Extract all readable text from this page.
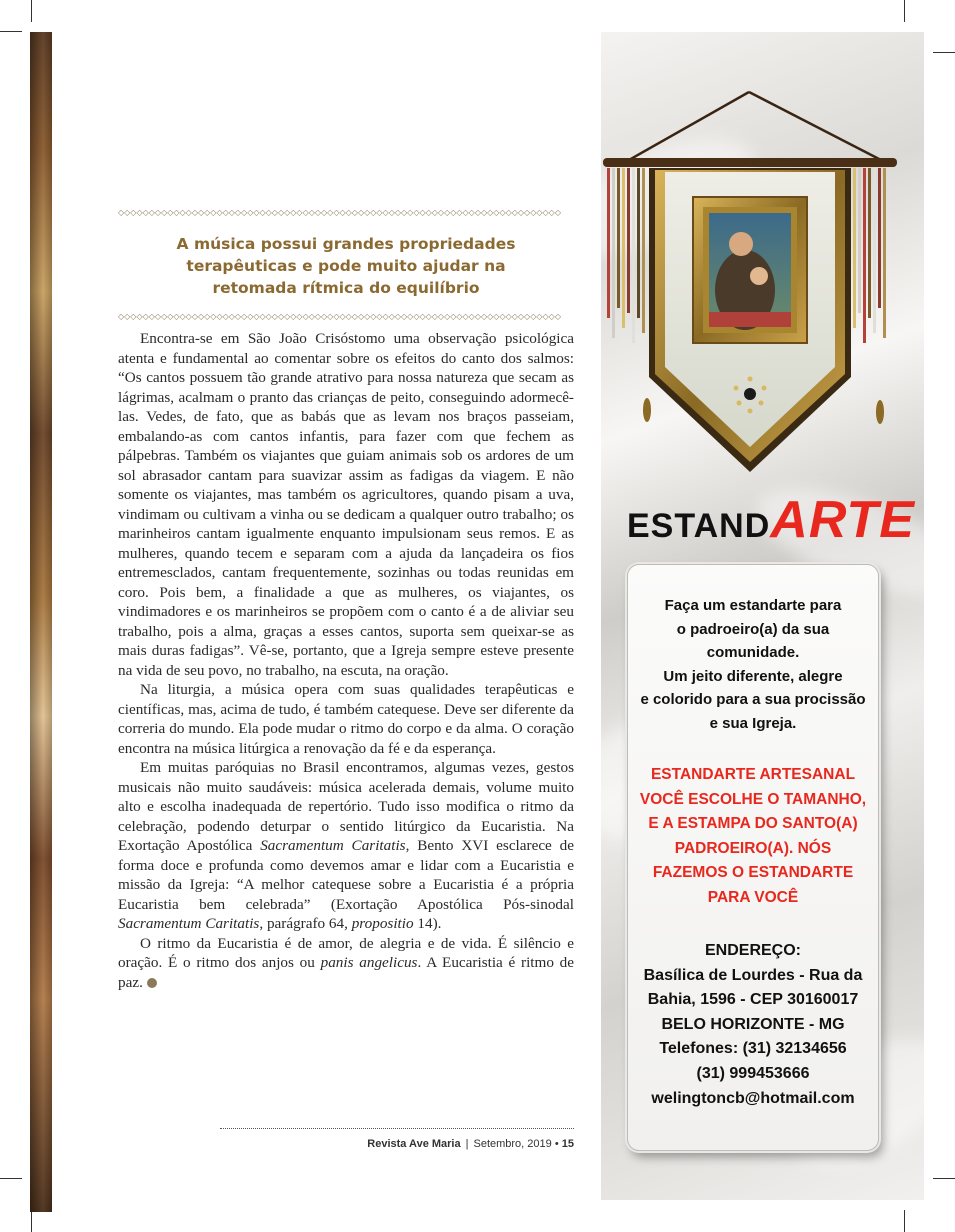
◇◇◇◇◇◇◇◇◇◇◇◇◇◇◇◇◇◇◇◇◇◇◇◇◇◇◇◇◇◇◇◇◇◇◇◇◇◇◇◇◇◇◇◇◇◇◇◇◇◇◇◇◇◇◇◇◇◇◇◇◇◇◇◇◇◇◇◇◇◇◇◇
A música possui grandes propriedades
terapêuticas e pode muito ajudar na
retomada rítmica do equilíbrio
◇◇◇◇◇◇◇◇◇◇◇◇◇◇◇◇◇◇◇◇◇◇◇◇◇◇◇◇◇◇◇◇◇◇◇◇◇◇◇◇◇◇◇◇◇◇◇◇◇◇◇◇◇◇◇◇◇◇◇◇◇◇◇◇◇◇◇◇◇◇◇◇

Encontra-se em São João Crisóstomo uma observação psicológica atenta e fundamental ao comentar sobre os efeitos do canto dos salmos: “Os cantos possuem tão grande atrativo para nossa natureza que secam as lágrimas, acalmam o pranto das crianças de peito, conseguindo adormecê-las. Vedes, de fato, que as babás que as levam nos braços passeiam, embalando-as com cantos infantis, para fazer com que fechem as pálpebras. Também os viajantes que guiam animais sob os ardores de um sol abrasador cantam para suavizar assim as fadigas da viagem. E não somente os viajantes, mas também os agricultores, quando pisam a uva, vindimam ou cultivam a vinha ou se dedicam a qualquer outro trabalho; os marinheiros cantam igualmente enquanto impulsionam seus remos. E as mulheres, quando tecem e separam com a ajuda da lançadeira os fios entremesclados, cantam frequentemente, sozinhas ou todas reunidas em coro. Pois bem, a finalidade a que as mulheres, os viajantes, os vindimadores e os marinheiros se propõem com o canto é a de aliviar seu trabalho, pois a alma, graças a esses cantos, suporta sem queixar-se as mais duras fadigas”. Vê-se, portanto, que a Igreja sempre esteve presente na vida de seu povo, no trabalho, na escuta, na oração.

Na liturgia, a música opera com suas qualidades terapêuticas e científicas, mas, acima de tudo, é também catequese. Deve ser diferente da correria do mundo. Ela pode mudar o ritmo do corpo e da alma. O coração encontra na música litúrgica a renovação da fé e da esperança.

Em muitas paróquias no Brasil encontramos, algumas vezes, gestos musicais não muito saudáveis: música acelerada demais, volume muito alto e escolha inadequada de repertório. Tudo isso modifica o ritmo da celebração, podendo deturpar o sentido litúrgico da Eucaristia. Na Exortação Apostólica Sacramentum Caritatis, Bento XVI esclarece de forma doce e profunda como devemos amar e lidar com a Eucaristia e missão da Igreja: “A melhor catequese sobre a Eucaristia é a própria Eucaristia bem celebrada” (Exortação Apostólica Pós-sinodal Sacramentum Caritatis, parágrafo 64, propositio 14).

O ritmo da Eucaristia é de amor, de alegria e de vida. É silêncio e oração. É o ritmo dos anjos ou panis angelicus. A Eucaristia é ritmo de paz.

Revista Ave Maria | Setembro, 2019 • 15
ESTANDARTE
Faça um estandarte para
o padroeiro(a) da sua
comunidade.
Um jeito diferente, alegre
e colorido para a sua procissão
e sua Igreja.
ESTANDARTE ARTESANAL
VOCÊ ESCOLHE O TAMANHO,
E A ESTAMPA DO SANTO(A)
PADROEIRO(A). NÓS
FAZEMOS O ESTANDARTE
PARA VOCÊ
ENDEREÇO:
Basílica de Lourdes - Rua da
Bahia, 1596 - CEP 30160017
BELO HORIZONTE - MG
Telefones: (31) 32134656
(31) 999453666
welingtoncb@hotmail.com
